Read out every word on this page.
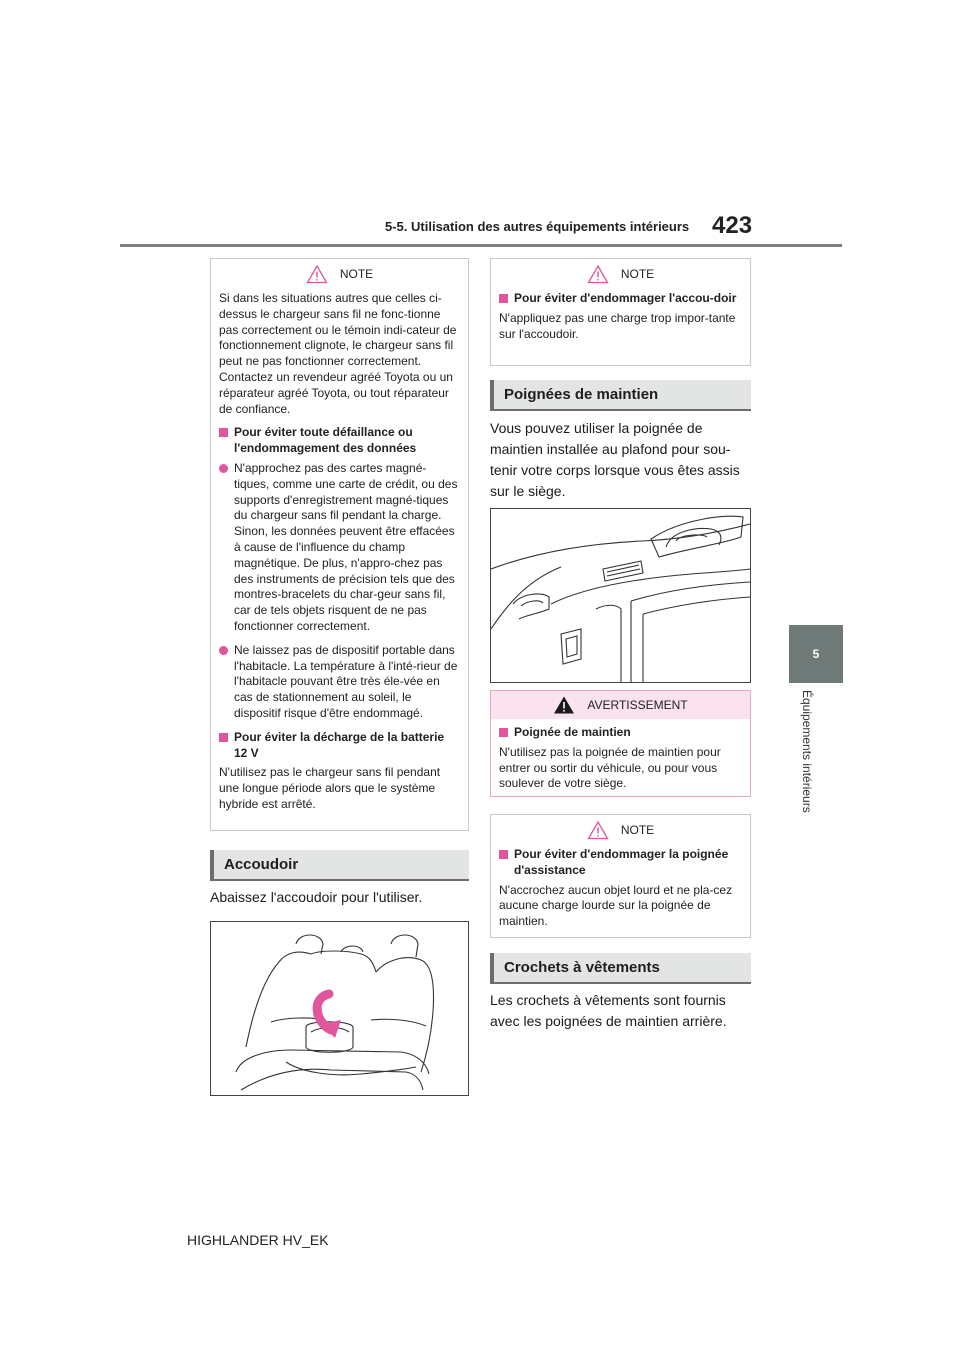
5-5. Utilisation des autres équipements intérieurs 423
5
Équipements intérieurs
NOTE

Si dans les situations autres que celles ci-dessus le chargeur sans fil ne fonc-tionne pas correctement ou le témoin indi-cateur de fonctionnement clignote, le chargeur sans fil peut ne pas fonctionner correctement. Contactez un revendeur agréé Toyota ou un réparateur agréé Toyota, ou tout réparateur de confiance.

Pour éviter toute défaillance ou l'endommagement des données
N'approchez pas des cartes magné-tiques, comme une carte de crédit, ou des supports d'enregistrement magné-tiques du chargeur sans fil pendant la charge. Sinon, les données peuvent être effacées à cause de l'influence du champ magnétique. De plus, n'appro-chez pas des instruments de précision tels que des montres-bracelets du char-geur sans fil, car de tels objets risquent de ne pas fonctionner correctement.
Ne laissez pas de dispositif portable dans l'habitacle. La température à l'inté-rieur de l'habitacle pouvant être très éle-vée en cas de stationnement au soleil, le dispositif risque d'être endommagé.
Pour éviter la décharge de la batterie 12 V

N'utilisez pas le chargeur sans fil pendant une longue période alors que le système hybride est arrêté.

Accoudoir
Abaissez l'accoudoir pour l'utiliser.
HIGHLANDER HV_EK
NOTE
Pour éviter d'endommager l'accou-doir

N'appliquez pas une charge trop impor-tante sur l'accoudoir.

Poignées de maintien
Vous pouvez utiliser la poignée de maintien installée au plafond pour sou-tenir votre corps lorsque vous êtes assis sur le siège.
AVERTISSEMENT
Poignée de maintien

N'utilisez pas la poignée de maintien pour entrer ou sortir du véhicule, ou pour vous soulever de votre siège.

NOTE
Pour éviter d'endommager la poignée d'assistance

N'accrochez aucun objet lourd et ne pla-cez aucune charge lourde sur la poignée de maintien.

Crochets à vêtements
Les crochets à vêtements sont fournis avec les poignées de maintien arrière.
